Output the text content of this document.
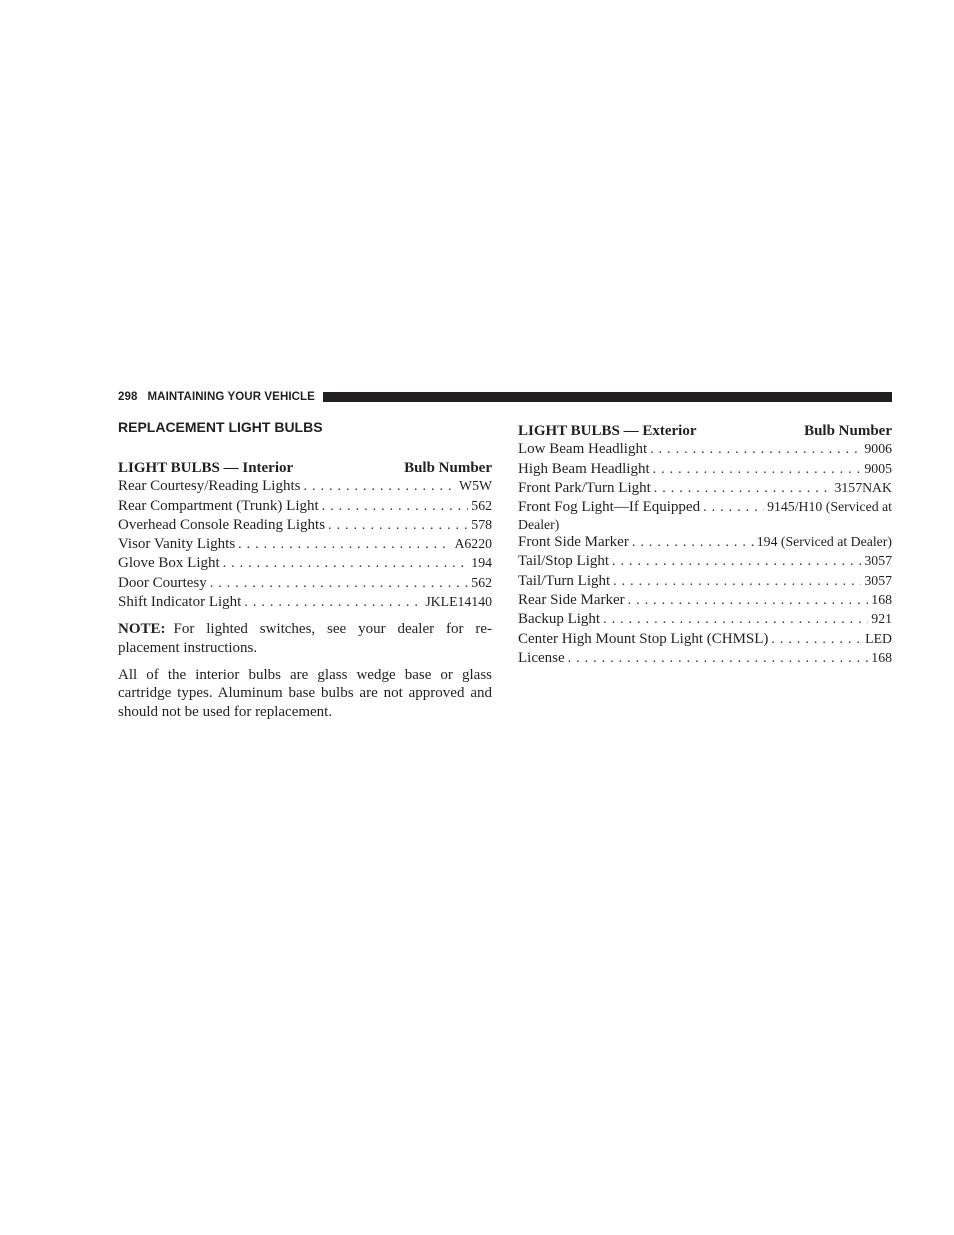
298 MAINTAINING YOUR VEHICLE
REPLACEMENT LIGHT BULBS
LIGHT BULBS — Interior	Bulb Number
Rear Courtesy/Reading Lights . . .	W5W
Rear Compartment (Trunk) Light . . .	562
Overhead Console Reading Lights . . .	578
Visor Vanity Lights . . .	A6220
Glove Box Light . . .	194
Door Courtesy . . .	562
Shift Indicator Light . . .	JKLE14140

NOTE: For lighted switches, see your dealer for re-placement instructions.

All of the interior bulbs are glass wedge base or glass cartridge types. Aluminum base bulbs are not approved and should not be used for replacement.

LIGHT BULBS — Exterior	Bulb Number
Low Beam Headlight . . .	9006
High Beam Headlight . . .	9005
Front Park/Turn Light . . .	3157NAK
Front Fog Light—If Equipped . . .	9145/H10 (Serviced at
Dealer)
Front Side Marker . . .	194 (Serviced at Dealer)
Tail/Stop Light . . .	3057
Tail/Turn Light . . .	3057
Rear Side Marker . . .	168
Backup Light . . .	921
Center High Mount Stop Light (CHMSL) . . .	LED
License . . .	168
